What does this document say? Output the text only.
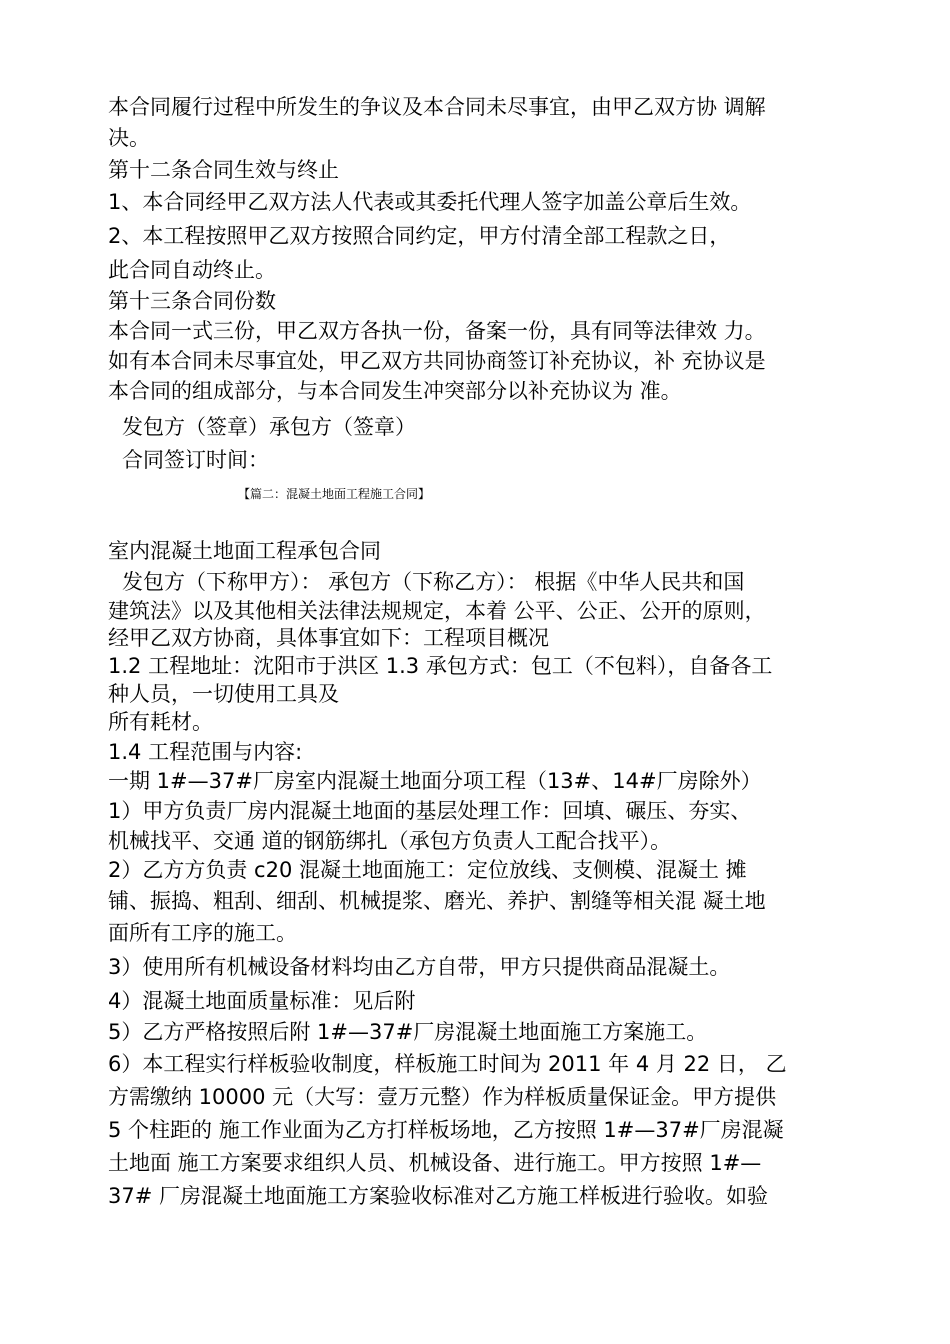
本合同履行过程中所发生的争议及本合同未尽事宜，由甲乙双方协 调解
决。
第十二条合同生效与终止
1、本合同经甲乙双方法人代表或其委托代理人签字加盖公章后生效。
2、本工程按照甲乙双方按照合同约定，甲方付清全部工程款之日，
此合同自动终止。
第十三条合同份数
本合同一式三份，甲乙双方各执一份，备案一份，具有同等法律效 力。
如有本合同未尽事宜处，甲乙双方共同协商签订补充协议，补 充协议是
本合同的组成部分，与本合同发生冲突部分以补充协议为 准。
发包方（签章）承包方（签章）
合同签订时间：
【篇二：混凝土地面工程施工合同】
室内混凝土地面工程承包合同
发包方（下称甲方）： 承包方（下称乙方）： 根据《中华人民共和国
建筑法》以及其他相关法律法规规定，本着 公平、公正、公开的原则，
经甲乙双方协商，具体事宜如下：工程项目概况
1.2 工程地址：沈阳市于洪区 1.3 承包方式：包工（不包料），自备各工
种人员，一切使用工具及
所有耗材。
1.4 工程范围与内容:
一期 1#—37#厂房室内混凝土地面分项工程（13#、14#厂房除外）
1）甲方负责厂房内混凝土地面的基层处理工作：回填、碾压、夯实、
机械找平、交通 道的钢筋绑扎（承包方负责人工配合找平）。
2）乙方方负责 c20 混凝土地面施工：定位放线、支侧模、混凝土 摊
铺、振捣、粗刮、细刮、机械提浆、磨光、养护、割缝等相关混 凝土地
面所有工序的施工。
3）使用所有机械设备材料均由乙方自带，甲方只提供商品混凝土。
4）混凝土地面质量标准：见后附
5）乙方严格按照后附 1#—37#厂房混凝土地面施工方案施工。
6）本工程实行样板验收制度，样板施工时间为 2011 年 4 月 22 日， 乙
方需缴纳 10000 元（大写：壹万元整）作为样板质量保证金。甲方提供
5 个柱距的 施工作业面为乙方打样板场地，乙方按照 1#—37#厂房混凝
土地面 施工方案要求组织人员、机械设备、进行施工。甲方按照 1#—
37# 厂房混凝土地面施工方案验收标准对乙方施工样板进行验收。如验
